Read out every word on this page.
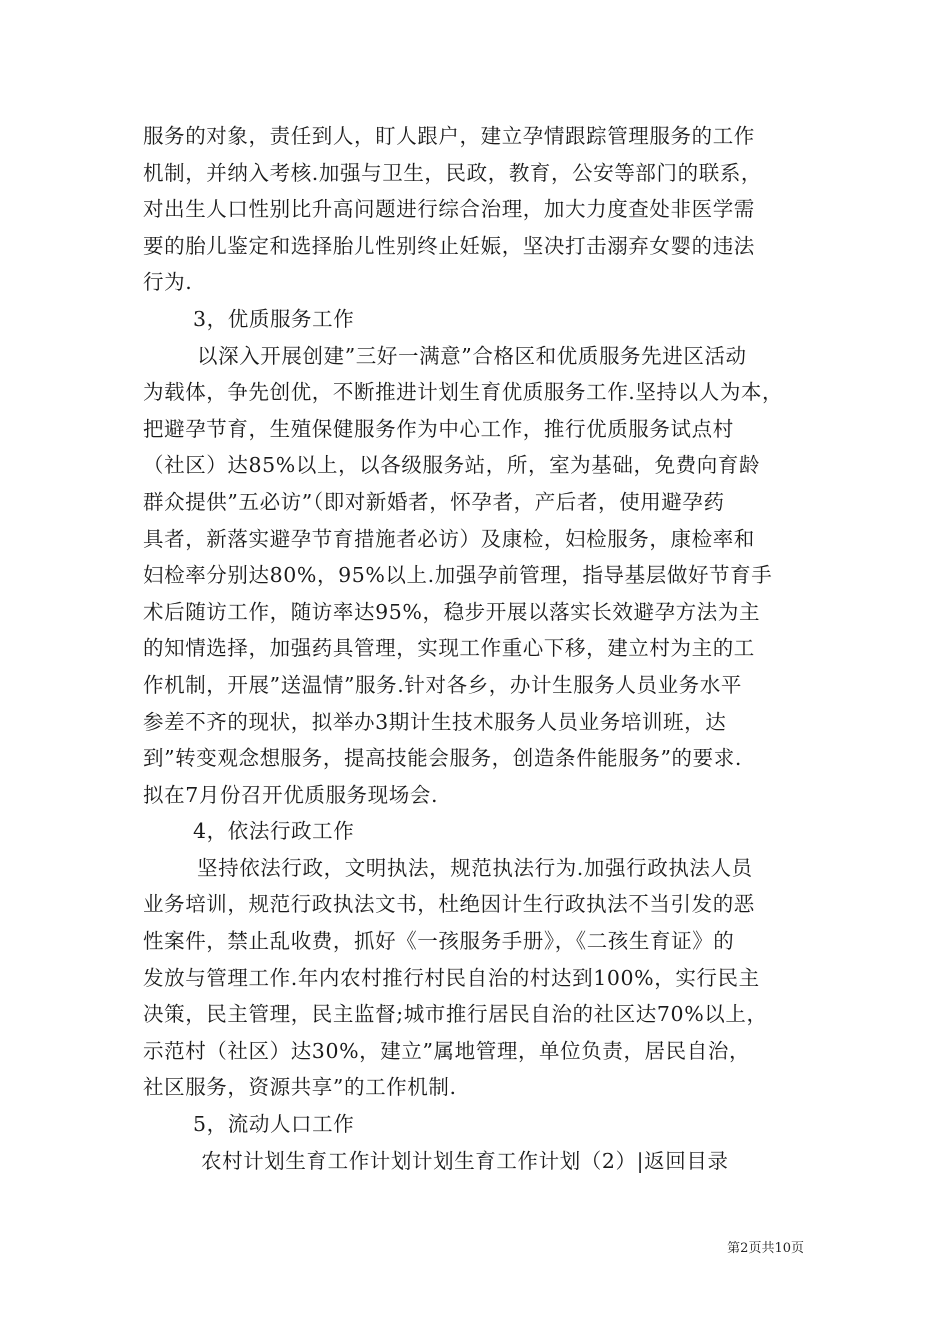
服务的对象，责任到人，盯人跟户，建立孕情跟踪管理服务的工作
机制，并纳入考核.加强与卫生，民政，教育，公安等部门的联系，
对出生人口性别比升高问题进行综合治理，加大力度查处非医学需
要的胎儿鉴定和选择胎儿性别终止妊娠，坚决打击溺弃女婴的违法
行为.
3，优质服务工作
以深入开展创建”三好一满意”合格区和优质服务先进区活动
为载体，争先创优，不断推进计划生育优质服务工作.坚持以人为本，
把避孕节育，生殖保健服务作为中心工作，推行优质服务试点村
（社区）达85%以上，以各级服务站，所，室为基础，免费向育龄
群众提供”五必访”（即对新婚者，怀孕者，产后者，使用避孕药
具者，新落实避孕节育措施者必访）及康检，妇检服务，康检率和
妇检率分别达80%，95%以上.加强孕前管理，指导基层做好节育手
术后随访工作，随访率达95%，稳步开展以落实长效避孕方法为主
的知情选择，加强药具管理，实现工作重心下移，建立村为主的工
作机制，开展”送温情”服务.针对各乡，办计生服务人员业务水平
参差不齐的现状，拟举办3期计生技术服务人员业务培训班，达
到”转变观念想服务，提高技能会服务，创造条件能服务”的要求.
拟在7月份召开优质服务现场会.
4，依法行政工作
坚持依法行政，文明执法，规范执法行为.加强行政执法人员
业务培训，规范行政执法文书，杜绝因计生行政执法不当引发的恶
性案件，禁止乱收费，抓好《一孩服务手册》，《二孩生育证》的
发放与管理工作.年内农村推行村民自治的村达到100%，实行民主
决策，民主管理，民主监督;城市推行居民自治的社区达70%以上，
示范村（社区）达30%，建立”属地管理，单位负责，居民自治，
社区服务，资源共享”的工作机制.
5，流动人口工作
农村计划生育工作计划计划生育工作计划（2）|返回目录
第2页共10页
